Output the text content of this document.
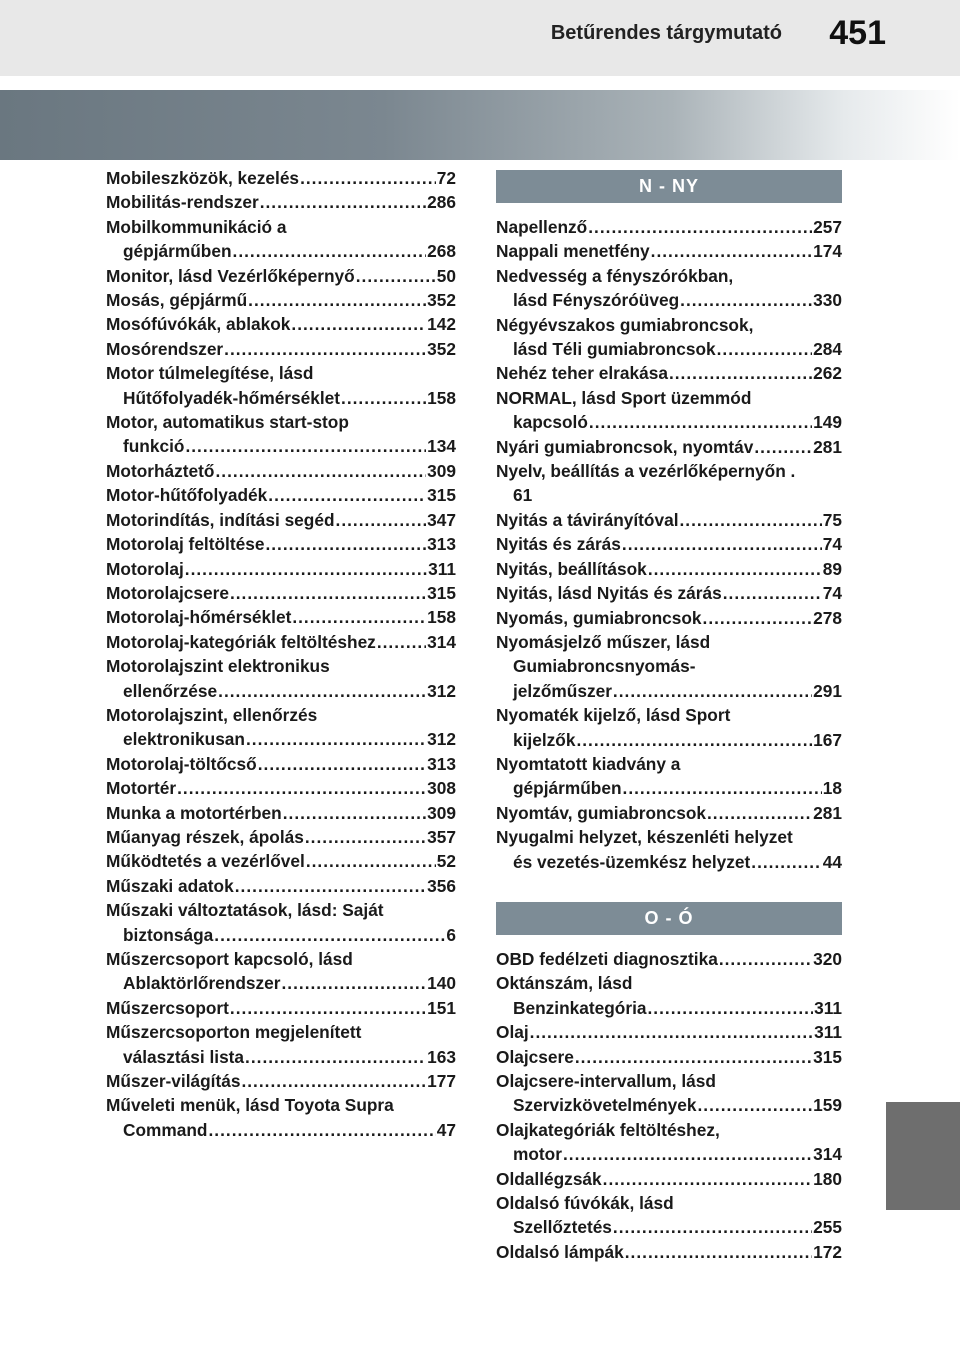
Betűrendes tárgymutató 451
Mobileszközök, kezelés .....	72
Mobilitás-rendszer .....	286
Mobilkommunikáció a
gépjárműben .....	268
Monitor, lásd Vezérlőképernyő .....	50
Mosás, gépjármű .....	352
Mosófúvókák, ablakok .....	142
Mosórendszer .....	352
Motor túlmelegítése, lásd
Hűtőfolyadék-hőmérséklet .....	158
Motor, automatikus start-stop
funkció .....	134
Motorháztető .....	309
Motor-hűtőfolyadék .....	315
Motorindítás, indítási segéd .....	347
Motorolaj feltöltése .....	313
Motorolaj .....	311
Motorolajcsere .....	315
Motorolaj-hőmérséklet .....	158
Motorolaj-kategóriák feltöltéshez .....	314
Motorolajszint elektronikus
ellenőrzése .....	312
Motorolajszint, ellenőrzés
elektronikusan .....	312
Motorolaj-töltőcső .....	313
Motortér .....	308
Munka a motortérben .....	309
Műanyag részek, ápolás .....	357
Működtetés a vezérlővel .....	52
Műszaki adatok .....	356
Műszaki változtatások, lásd: Saját
biztonsága .....	6
Műszercsoport kapcsoló, lásd
Ablaktörlőrendszer .....	140
Műszercsoport .....	151
Műszercsoporton megjelenített
választási lista .....	163
Műszer-világítás .....	177
Műveleti menük, lásd Toyota Supra
Command .....	47
N - NY
Napellenző .....	257
Nappali menetfény .....	174
Nedvesség a fényszórókban,
lásd Fényszóróüveg .....	330
Négyévszakos gumiabroncsok,
lásd Téli gumiabroncsok .....	284
Nehéz teher elrakása .....	262
NORMAL, lásd Sport üzemmód
kapcsoló .....	149
Nyári gumiabroncsok, nyomtáv .....	281
Nyelv, beállítás a vezérlőképernyőn .
61
Nyitás a távirányítóval .....	75
Nyitás és zárás .....	74
Nyitás, beállítások .....	89
Nyitás, lásd Nyitás és zárás .....	74
Nyomás, gumiabroncsok .....	278
Nyomásjelző műszer, lásd
Gumiabroncsnyomás-
jelzőműszer .....	291
Nyomaték kijelző, lásd Sport
kijelzők .....	167
Nyomtatott kiadvány a
gépjárműben .....	18
Nyomtáv, gumiabroncsok .....	281
Nyugalmi helyzet, készenléti helyzet
és vezetés-üzemkész helyzet .....	44
O - Ó
OBD fedélzeti diagnosztika .....	320
Oktánszám, lásd
Benzinkategória .....	311
Olaj .....	311
Olajcsere .....	315
Olajcsere-intervallum, lásd
Szervizkövetelmények .....	159
Olajkategóriák feltöltéshez,
motor .....	314
Oldallégzsák .....	180
Oldalsó fúvókák, lásd
Szellőztetés .....	255
Oldalsó lámpák .....	172
